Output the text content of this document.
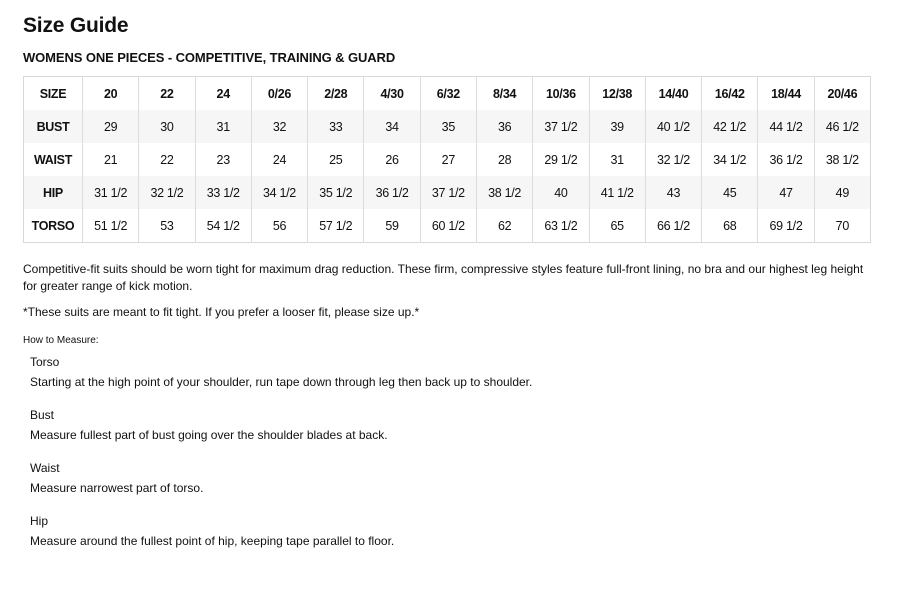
Size Guide
WOMENS ONE PIECES - COMPETITIVE, TRAINING & GUARD
SIZE	20	22	24	0/26	2/28	4/30	6/32	8/34	10/36	12/38	14/40	16/42	18/44	20/46
BUST	29	30	31	32	33	34	35	36	37 1/2	39	40 1/2	42 1/2	44 1/2	46 1/2
WAIST	21	22	23	24	25	26	27	28	29 1/2	31	32 1/2	34 1/2	36 1/2	38 1/2
HIP	31 1/2	32 1/2	33 1/2	34 1/2	35 1/2	36 1/2	37 1/2	38 1/2	40	41 1/2	43	45	47	49
TORSO	51 1/2	53	54 1/2	56	57 1/2	59	60 1/2	62	63 1/2	65	66 1/2	68	69 1/2	70

Competitive-fit suits should be worn tight for maximum drag reduction. These firm, compressive styles feature full-front lining, no bra and our highest leg height for greater range of kick motion.

*These suits are meant to fit tight. If you prefer a looser fit, please size up.*

How to Measure:

Torso
Starting at the high point of your shoulder, run tape down through leg then back up to shoulder.
Bust
Measure fullest part of bust going over the shoulder blades at back.
Waist
Measure narrowest part of torso.
Hip
Measure around the fullest point of hip, keeping tape parallel to floor.
